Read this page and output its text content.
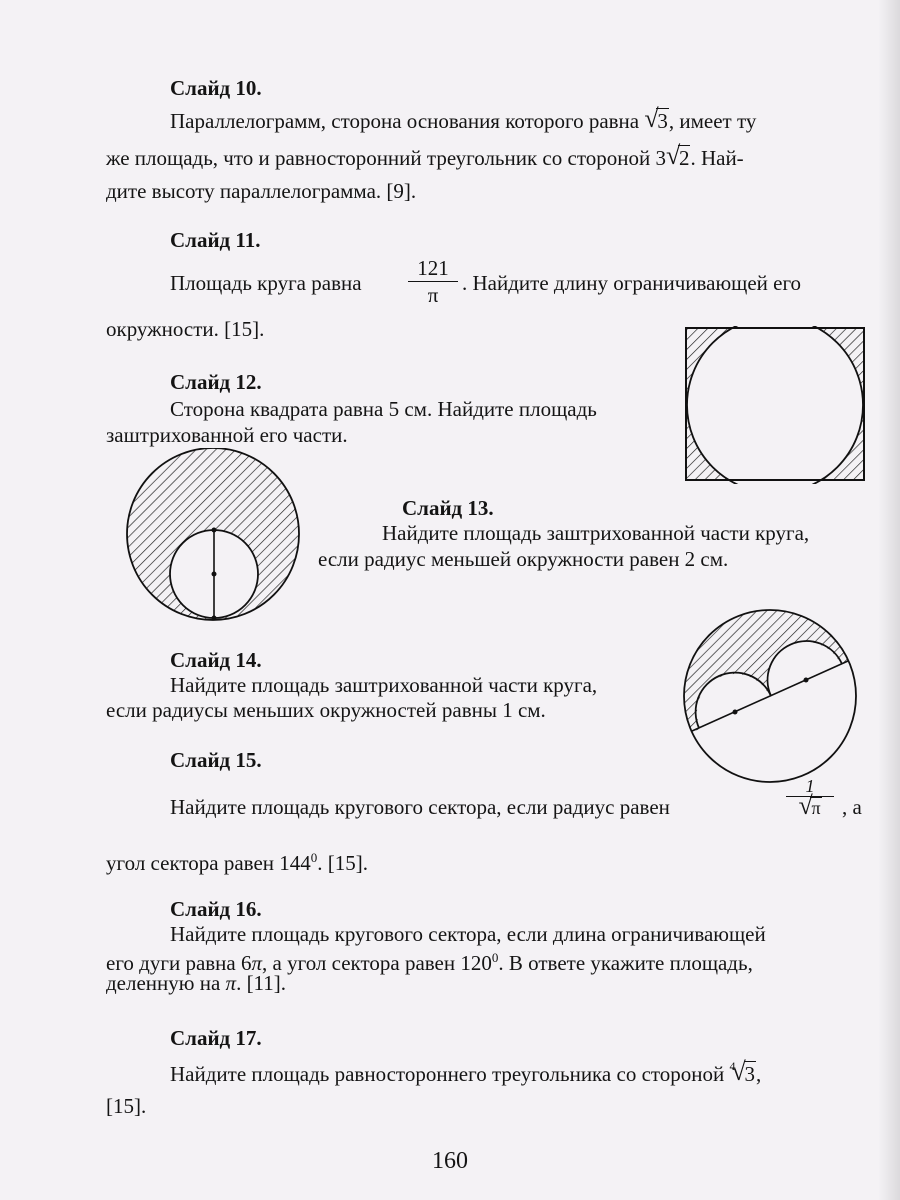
Слайд 10.

Параллелограмм, сторона основания которого равна √ 3, имеет ту

же площадь, что и равносторонний треугольник со стороной 3 √ 2. Най-

дите высоту параллелограмма. [9].

Слайд 11.

Площадь круга равна

121
π	. Найдите длину ограничивающей его

окружности. [15].

Слайд 12.

Сторона квадрата равна 5 см. Найдите площадь

заштрихованной его части.

Слайд 13.

Найдите площадь заштрихованной части круга,

если радиус меньшей окружности равен 2 см.

Слайд 14.

Найдите площадь заштрихованной части круга,

если радиусы меньших окружностей равны 1 см.

Слайд 15.

Найдите площадь кругового сектора, если радиус равен

1
√ π	, а

угол сектора равен $144^0$. [15].

Слайд 16.

Найдите площадь кругового сектора, если длина ограничивающей

его дуги равна 6π, а угол сектора равен $120^0$. В ответе укажите площадь,

деленную на π. [11].

Слайд 17.

Найдите площадь равностороннего треугольника со стороной √ 4 3,

[15].

160
